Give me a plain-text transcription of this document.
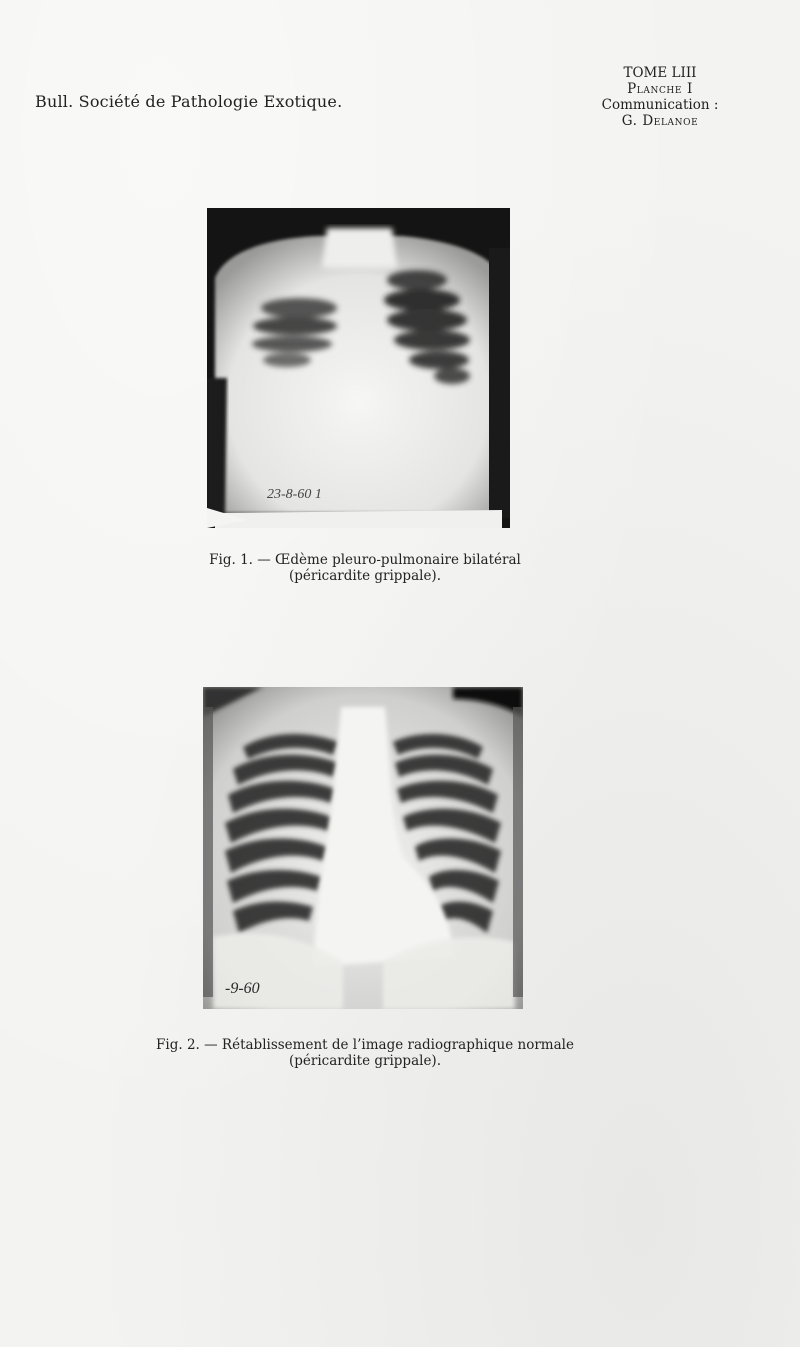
Bull. Société de Pathologie Exotique.
TOME LIII
Planche I
Communication :
G. Delanoe
23-8-60 1
Fig. 1. — Œdème pleuro-pulmonaire bilatéral
(péricardite grippale).
-9-60
Fig. 2. — Rétablissement de l’image radiographique normale
(péricardite grippale).
